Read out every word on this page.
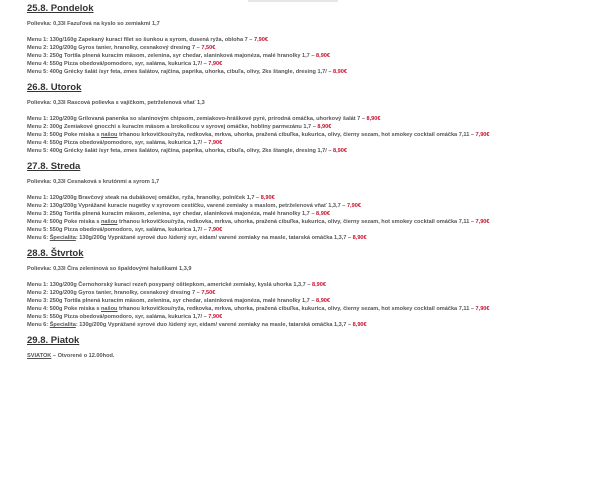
25.8. Pondelok
Polievka: 0,33l Fazuľová na kyslo so zemiakmi 1,7
Menu 1: 130g/160g Zapekaný kurací filet so šunkou a syrom, dusená ryža, obloha 7 – 7,90€
Menu 2: 120g/200g Gyros tanier, hranolky, cesnakový dresing 7 – 7,50€
Menu 3: 250g Tortila plnená kuracím mäsom, zelenina, syr chedar, slaninková majonéza, malé hranolky 1,7 – 8,90€
Menu 4: 550g Pizza obedová/pomodoro, syr, saláma, kukurica 1,7/ – 7,90€
Menu 5: 400g Grécky šalát /syr feta, zmes šalátov, rajčina, paprika, uhorka, cibuľa, olivy, 2ks štangle, dresing 1,7/ – 8,90€
26.8. Utorok
Polievka: 0,33l Rascová polievka s vajíčkom, petrželenová vňať 1,3
Menu 1: 120g/200g Grilovaná panenka so slaninovým chipsom, zemiakovo-hráškové pyré, prírodná omáčka, uhorkový šalát 7 – 8,90€
Menu 2: 300g Zemiakové gnocchi s kuracím mäsom a brokolicou v syrovej omáčke, hobliny parmezánu 1,7 – 8,90€
Menu 3: 500g Poke miska s našou trhanou krkovičkou/ryža, redkovka, mrkva, uhorka, pražená cibuľka, kukurica, olivy, čierny sezam, hot smokey cocktail omáčka 7,11 – 7,90€
Menu 4: 550g Pizza obedová/pomodoro, syr, saláma, kukurica 1,7/ – 7,90€
Menu 5: 400g Grécky šalát /syr feta, zmes šalátov, rajčina, paprika, uhorka, cibuľa, olivy, 2ks štangle, dresing 1,7/ – 8,90€
27.8. Streda
Polievka: 0,33l Cesnaková s krutónmi a syrom 1,7
Menu 1: 120g/200g Bravčový steak na dubákovej omáčke, ryža, hranolky, polníček 1,7 – 8,90€
Menu 2: 130g/200g Vyprážané kuracie nugetky v syrovom cestíčku, varené zemiaky s maslom, petrželenová vňať 1,3,7 – 7,90€
Menu 3: 250g Tortila plnená kuracím mäsom, zelenina, syr chedar, slaninková majonéza, malé hranolky 1,7 – 8,90€
Menu 4: 500g Poke miska s našou trhanou krkovičkou/ryža, redkovka, mrkva, uhorka, pražená cibuľka, kukurica, olivy, čierny sezam, hot smokey cocktail omáčka 7,11 – 7,90€
Menu 5: 550g Pizza obedová/pomodoro, syr, saláma, kukurica 1,7/ – 7,90€
Menu 6: Špecialita: 130g/200g Vyprážané syrové duo /údený syr, eidam/ varené zemiaky na masle, tatarská omáčka 1,3,7 – 8,90€
28.8. Štvrtok
Polievka: 0,33l Čira zeleninová so špaldovými haluškami 1,3,9
Menu 1: 130g/200g Černohorský kurací rezeň posypaný oštiepkom, americké zemiaky, kyslá uhorka 1,3,7 – 8,90€
Menu 2: 120g/200g Gyros tanier, hranolky, cesnakový dresing 7 – 7,50€
Menu 3: 250g Tortila plnená kuracím mäsom, zelenina, syr chedar, slaninková majonéza, malé hranolky 1,7 – 8,90€
Menu 4: 500g Poke miska s našou trhanou krkovičkou/ryža, redkovka, mrkva, uhorka, pražená cibuľka, kukurica, olivy, čierny sezam, hot smokey cocktail omáčka 7,11 – 7,90€
Menu 5: 550g Pizza obedová/pomodoro, syr, saláma, kukurica 1,7/ – 7,90€
Menu 6: Špecialita: 130g/200g Vyprážané syrové duo /údený syr, eidam/ varené zemiaky na masle, tatarská omáčka 1,3,7 – 8,90€
29.8. Piatok
SVIATOK – Otvorené o 12.00hod.
